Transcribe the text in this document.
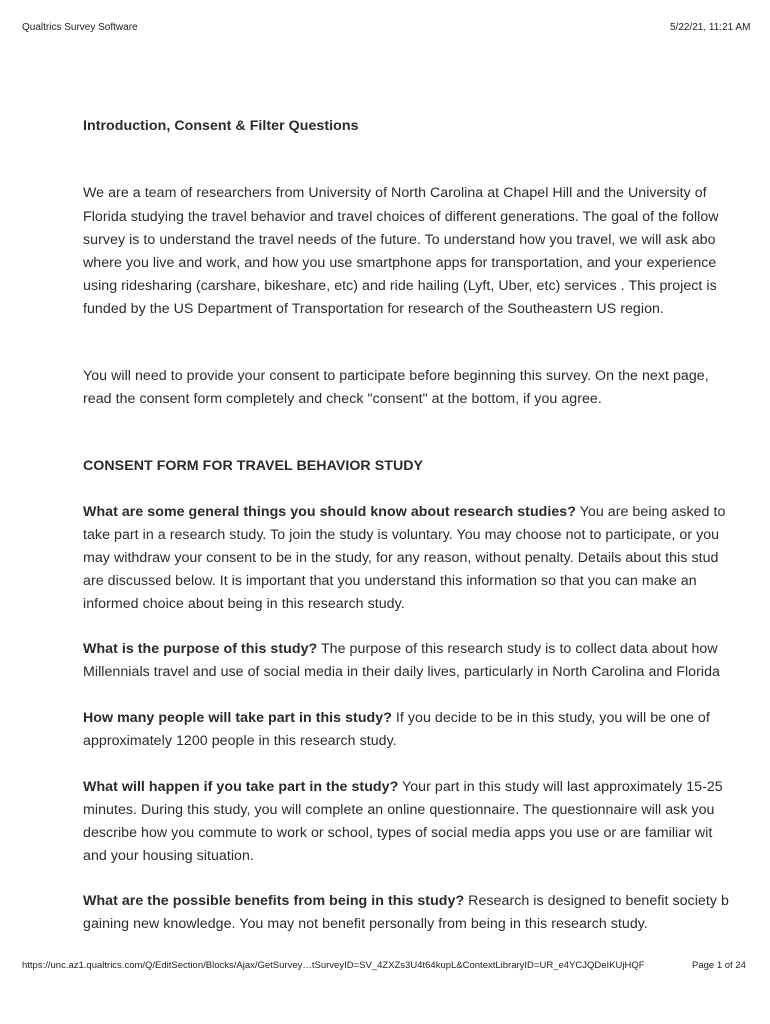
Qualtrics Survey Software	5/22/21, 11:21 AM
Introduction, Consent & Filter Questions
We are a team of researchers from University of North Carolina at Chapel Hill and the University of
Florida studying the travel behavior and travel choices of different generations. The goal of the follow
survey is to understand the travel needs of the future. To understand how you travel, we will ask abo
where you live and work, and how you use smartphone apps for transportation, and your experience
using ridesharing (carshare, bikeshare, etc) and ride hailing (Lyft, Uber, etc) services . This project is
funded by the US Department of Transportation for research of the Southeastern US region.
You will need to provide your consent to participate before beginning this survey. On the next page,
read the consent form completely and check "consent" at the bottom, if you agree.
CONSENT FORM FOR TRAVEL BEHAVIOR STUDY
What are some general things you should know about research studies? You are being asked to
take part in a research study. To join the study is voluntary. You may choose not to participate, or you
may withdraw your consent to be in the study, for any reason, without penalty. Details about this stud
are discussed below. It is important that you understand this information so that you can make an
informed choice about being in this research study.
What is the purpose of this study? The purpose of this research study is to collect data about how
Millennials travel and use of social media in their daily lives, particularly in North Carolina and Florida
How many people will take part in this study? If you decide to be in this study, you will be one of
approximately 1200 people in this research study.
What will happen if you take part in the study? Your part in this study will last approximately 15-25
minutes. During this study, you will complete an online questionnaire. The questionnaire will ask you
describe how you commute to work or school, types of social media apps you use or are familiar wit
and your housing situation.
What are the possible benefits from being in this study? Research is designed to benefit society b
gaining new knowledge. You may not benefit personally from being in this research study.
https://unc.az1.qualtrics.com/Q/EditSection/Blocks/Ajax/GetSurvey…tSurveyID=SV_4ZXZs3U4t64kupL&ContextLibraryID=UR_e4YCJQDeIKUjHQF	Page 1 of 24
